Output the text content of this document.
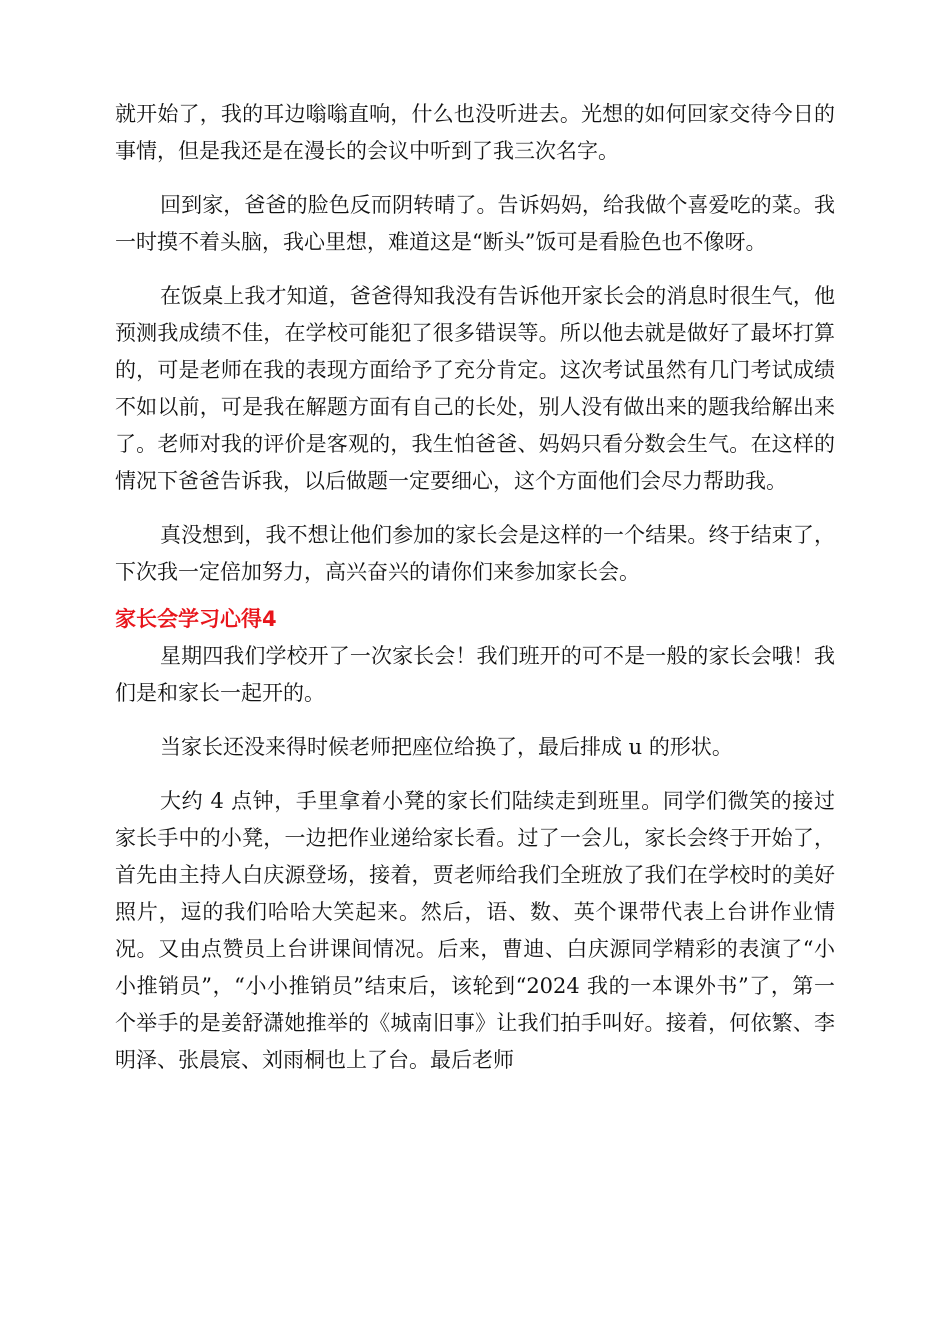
就开始了，我的耳边嗡嗡直响，什么也没听进去。光想的如何回家交待今日的事情，但是我还是在漫长的会议中听到了我三次名字。

回到家，爸爸的脸色反而阴转晴了。告诉妈妈，给我做个喜爱吃的菜。我一时摸不着头脑，我心里想，难道这是“断头”饭可是看脸色也不像呀。

在饭桌上我才知道，爸爸得知我没有告诉他开家长会的消息时很生气，他预测我成绩不佳，在学校可能犯了很多错误等。所以他去就是做好了最坏打算的，可是老师在我的表现方面给予了充分肯定。这次考试虽然有几门考试成绩不如以前，可是我在解题方面有自己的长处，别人没有做出来的题我给解出来了。老师对我的评价是客观的，我生怕爸爸、妈妈只看分数会生气。在这样的情况下爸爸告诉我，以后做题一定要细心，这个方面他们会尽力帮助我。

真没想到，我不想让他们参加的家长会是这样的一个结果。终于结束了，下次我一定倍加努力，高兴奋兴的请你们来参加家长会。

家长会学习心得4

星期四我们学校开了一次家长会！我们班开的可不是一般的家长会哦！我们是和家长一起开的。

当家长还没来得时候老师把座位给换了，最后排成 u 的形状。

大约 4 点钟，手里拿着小凳的家长们陆续走到班里。同学们微笑的接过家长手中的小凳，一边把作业递给家长看。过了一会儿，家长会终于开始了，首先由主持人白庆源登场，接着，贾老师给我们全班放了我们在学校时的美好照片，逗的我们哈哈大笑起来。然后，语、数、英个课带代表上台讲作业情况。又由点赞员上台讲课间情况。后来，曹迪、白庆源同学精彩的表演了“小小推销员”，“小小推销员”结束后，该轮到“2024 我的一本课外书”了，第一个举手的是姜舒潇她推举的《城南旧事》让我们拍手叫好。接着，何依繁、李明泽、张晨宸、刘雨桐也上了台。最后老师
